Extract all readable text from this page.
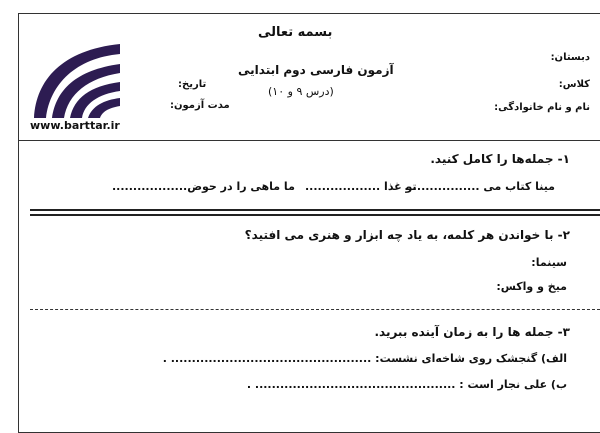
بسمه تعالی
آزمون فارسی دوم ابتدایی
(درس ۹ و ۱۰)
دبستان:
کلاس:
نام و نام خانوادگی:
تاریخ:
مدت آزمون:
www.barttar.ir
۱- جمله‌ها را کامل کنید.
مینا کتاب می ..................
تو غذا ..................
ما ماهی را در حوض..................
۲- با خواندن هر کلمه، به یاد چه ابزار و هنری می افتید؟
سینما:
میخ و واکس:
۳- جمله ها را به زمان آینده ببرید.
الف) گنجشک روی شاخه‌ای نشست: ................................................ .
ب) علی نجار است : ................................................ .
